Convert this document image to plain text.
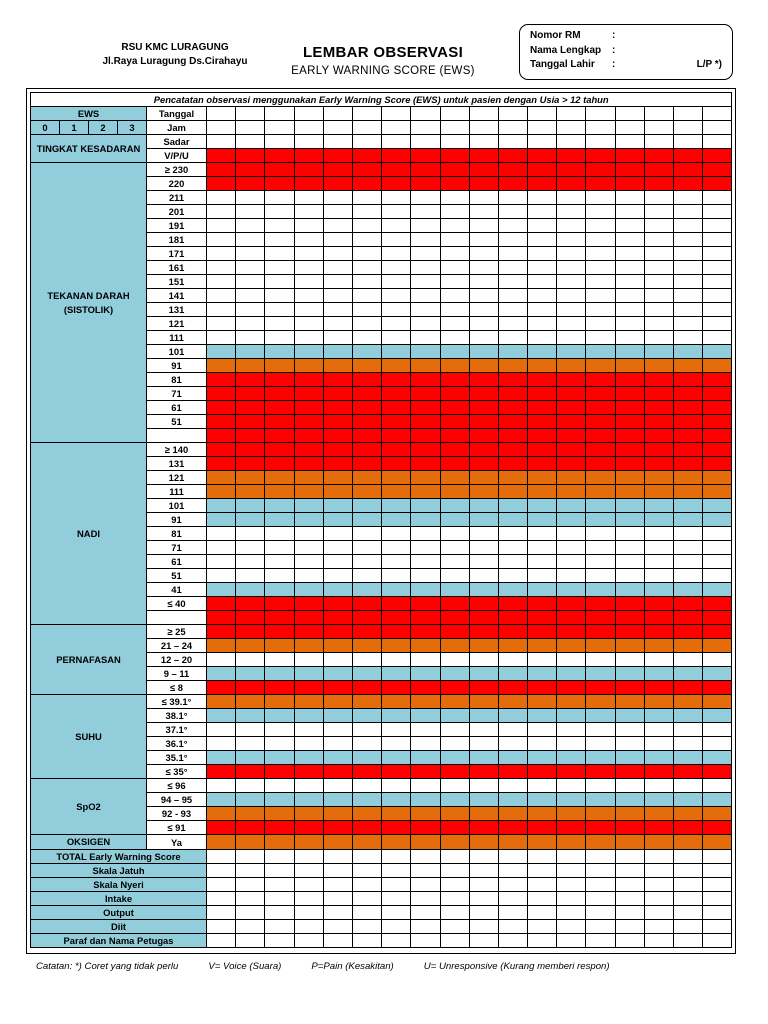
RSU KMC LURAGUNG
Jl.Raya Luragung Ds.Cirahayu
LEMBAR OBSERVASI
EARLY WARNING SCORE (EWS)
Nomor RM	:
Nama Lengkap	:
Tanggal Lahir	:	L/P *)
Pencatatan observasi menggunakan Early Warning Score (EWS) untuk pasien dengan Usia > 12 tahun																						
EWS				Tanggal																		
0	1	2	3	Jam																		
TINGKAT KESADARAN				Sadar																		
				V/P/U																		
TEKANAN DARAH
(SISTOLIK)				≥ 230																		
				220																		
				211																		
				201																		
				191																		
				181																		
				171																		
				161																		
				151																		
				141																		
				131																		
				121																		
				111																		
				101																		
				91																		
				81																		
				71																		
				61																		
				51																		

NADI				≥ 140																		
				131																		
				121																		
				111																		
				101																		
				91																		
				81																		
				71																		
				61																		
				51																		
				41																		
				≤ 40																		

PERNAFASAN				≥ 25																		
				21 – 24																		
				12 – 20																		
				9 – 11																		
				≤ 8																		
SUHU				≤ 39.1°																		
				38.1°																		
				37.1°																		
				36.1°																		
				35.1°																		
				≤ 35°																		
SpO2				≤ 96																		
				94 – 95																		
				92 - 93																		
				≤ 91																		
OKSIGEN				Ya																		
TOTAL Early Warning Score																						
Skala Jatuh																						
Skala Nyeri																						
Intake																						
Output																						
Diit																						
Paraf dan Nama Petugas																						
Catatan: *) Coret yang tidak perlu	V= Voice (Suara)	P=Pain (Kesakitan)	U= Unresponsive (Kurang memberi respon)
